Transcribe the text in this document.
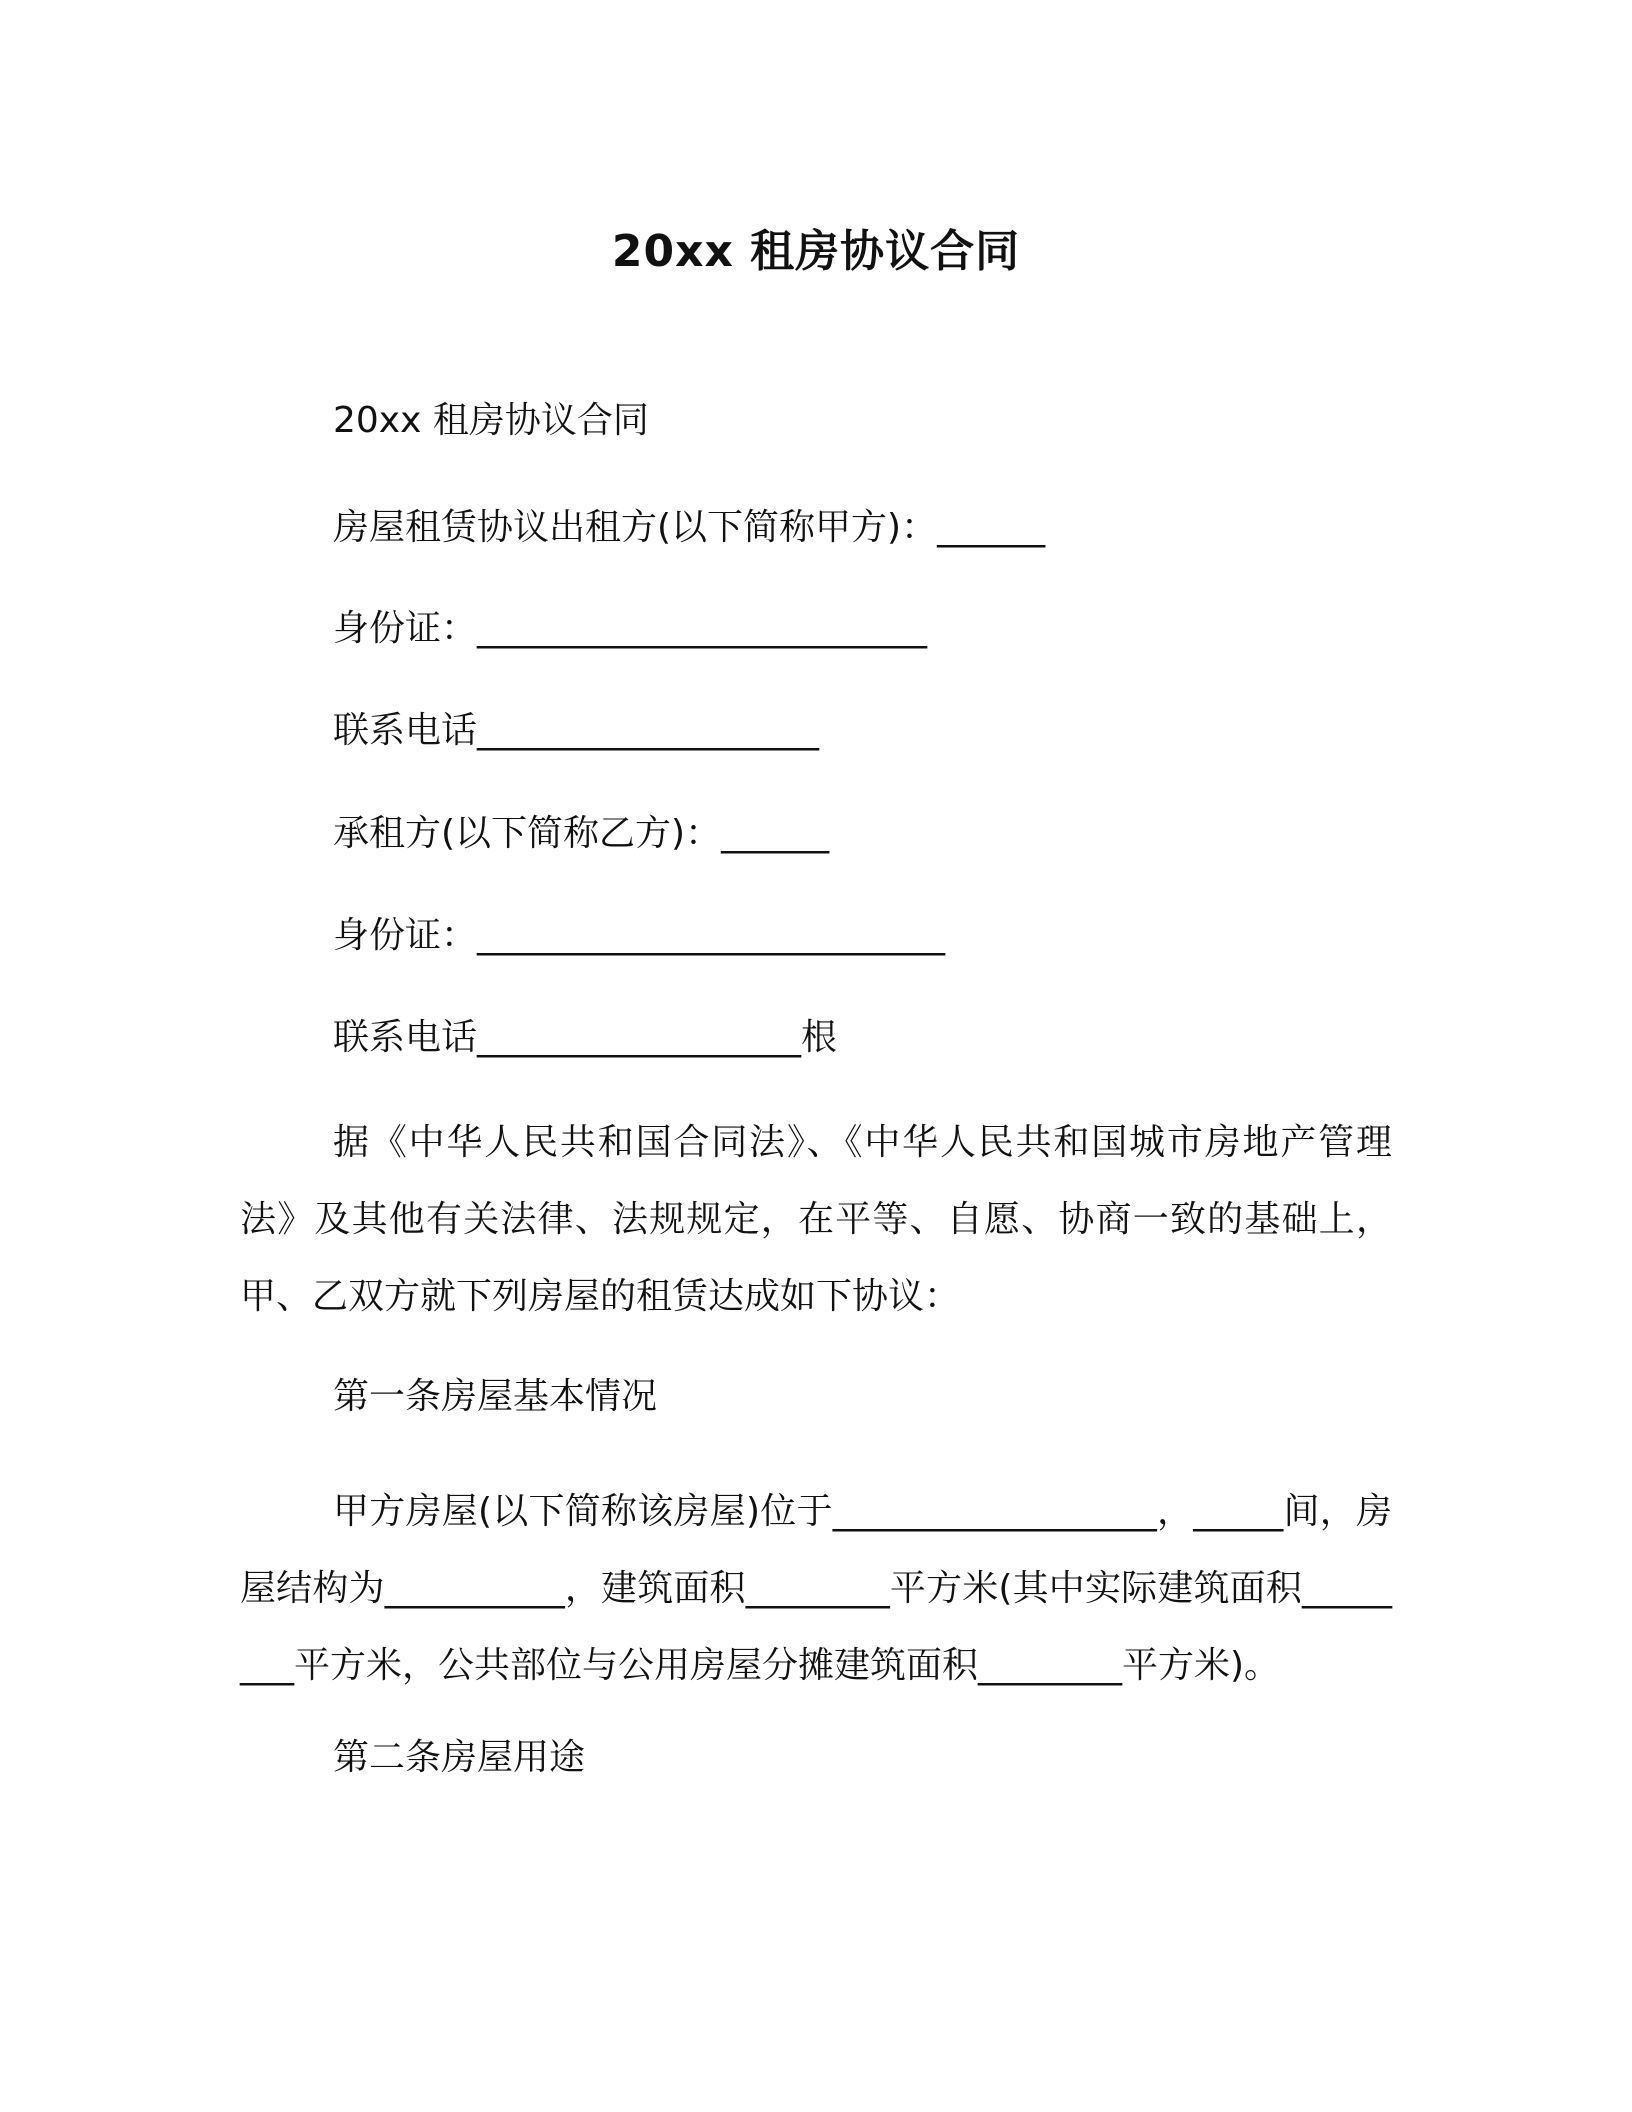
20xx 租房协议合同
20xx 租房协议合同
房屋租赁协议出租方(以下简称甲方)：______
身份证：_________________________
联系电话___________________
承租方(以下简称乙方)：______
身份证：__________________________
联系电话__________________根
据《中华人民共和国合同法》、《中华人民共和国城市房地产管理法》及其他有关法律、法规规定，在平等、自愿、协商一致的基础上，甲、乙双方就下列房屋的租赁达成如下协议：
第一条房屋基本情况
甲方房屋(以下简称该房屋)位于__________________，_____间，房屋结构为__________，建筑面积________平方米(其中实际建筑面积________平方米，公共部位与公用房屋分摊建筑面积________平方米)。
第二条房屋用途
